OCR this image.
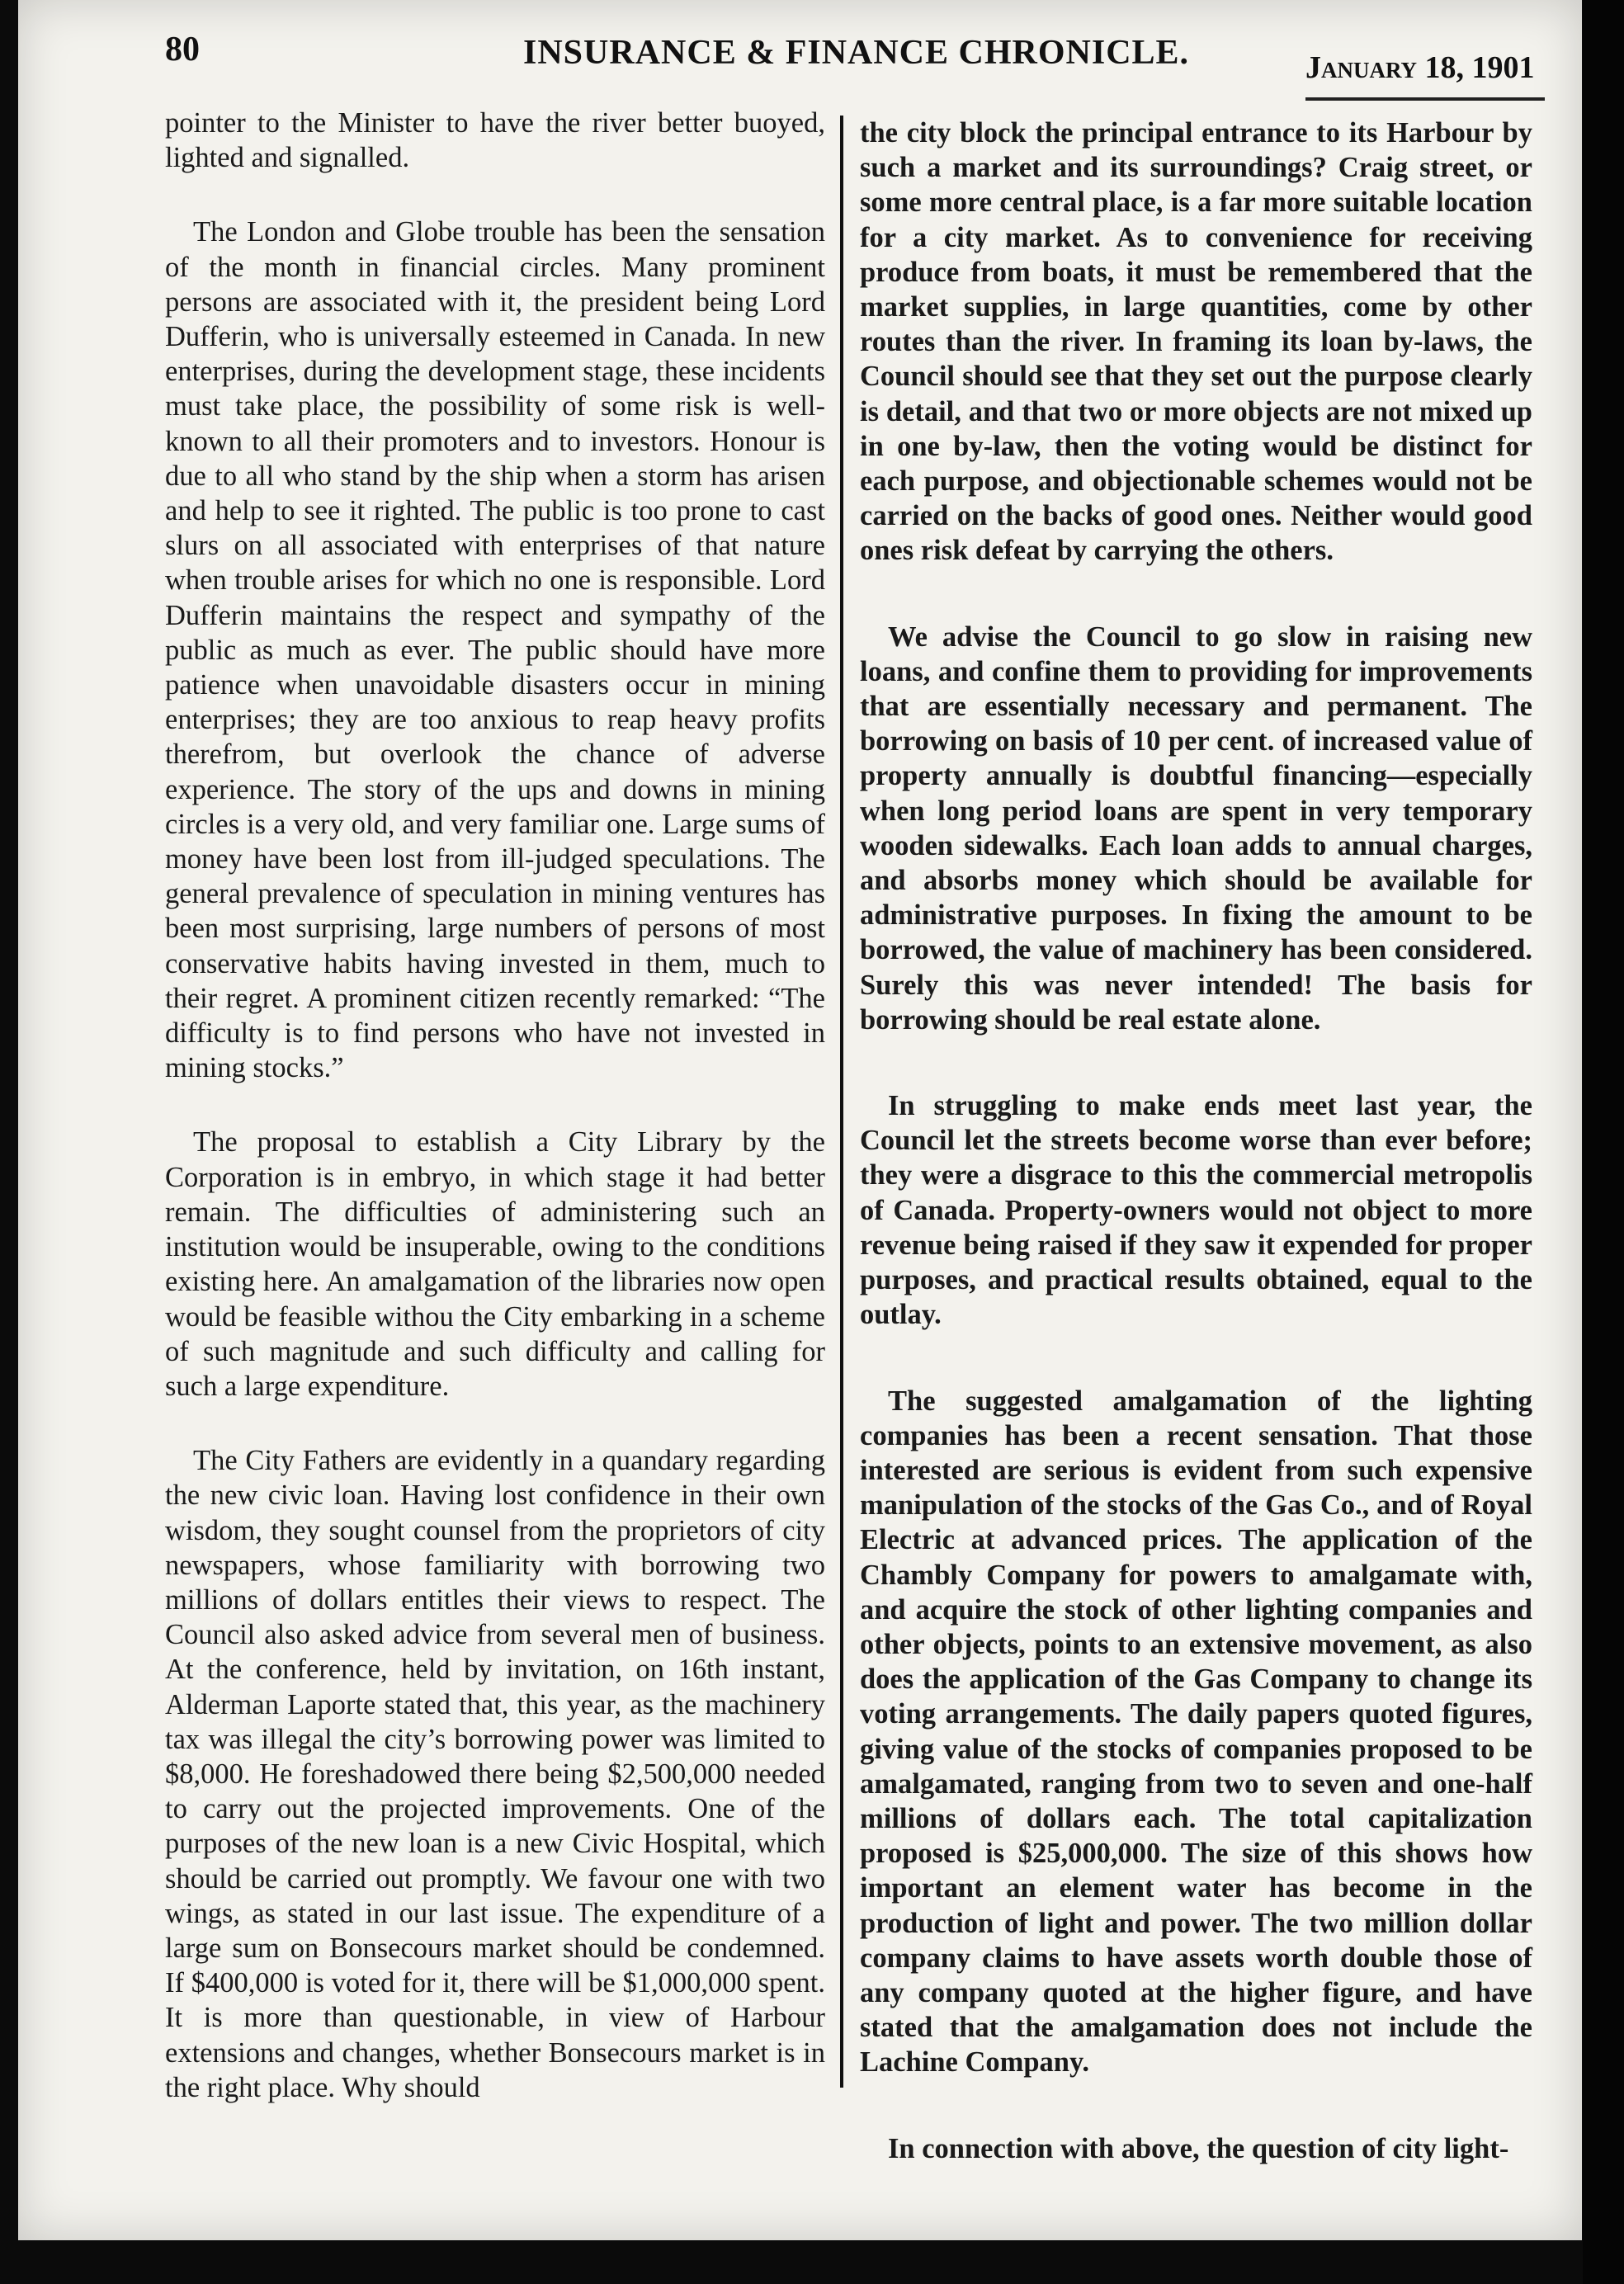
80	INSURANCE & FINANCE CHRONICLE.	January 18, 1901

pointer to the Minister to have the river better buoyed, lighted and signalled.

The London and Globe trouble has been the sensation of the month in financial circles. Many prominent persons are associated with it, the president being Lord Dufferin, who is universally esteemed in Canada. In new enterprises, during the development stage, these incidents must take place, the possibility of some risk is well-known to all their promoters and to investors. Honour is due to all who stand by the ship when a storm has arisen and help to see it righted. The public is too prone to cast slurs on all associated with enterprises of that nature when trouble arises for which no one is responsible. Lord Dufferin maintains the respect and sympathy of the public as much as ever. The public should have more patience when unavoidable disasters occur in mining enterprises; they are too anxious to reap heavy profits therefrom, but overlook the chance of adverse experience. The story of the ups and downs in mining circles is a very old, and very familiar one. Large sums of money have been lost from ill-judged speculations. The general prevalence of speculation in mining ventures has been most surprising, large numbers of persons of most conservative habits having invested in them, much to their regret. A prominent citizen recently remarked: “The difficulty is to find persons who have not invested in mining stocks.”

The proposal to establish a City Library by the Corporation is in embryo, in which stage it had better remain. The difficulties of administering such an institution would be insuperable, owing to the conditions existing here. An amalgamation of the libraries now open would be feasible withou the City embarking in a scheme of such magnitude and such difficulty and calling for such a large expenditure.

The City Fathers are evidently in a quandary regarding the new civic loan. Having lost confidence in their own wisdom, they sought counsel from the proprietors of city newspapers, whose familiarity with borrowing two millions of dollars entitles their views to respect. The Council also asked advice from several men of business. At the conference, held by invitation, on 16th instant, Alderman Laporte stated that, this year, as the machinery tax was illegal the city’s borrowing power was limited to $8,000. He foreshadowed there being $2,500,000 needed to carry out the projected improvements. One of the purposes of the new loan is a new Civic Hospital, which should be carried out promptly. We favour one with two wings, as stated in our last issue. The expenditure of a large sum on Bonsecours market should be condemned. If $400,000 is voted for it, there will be $1,000,000 spent. It is more than questionable, in view of Harbour extensions and changes, whether Bonsecours market is in the right place. Why should

the city block the principal entrance to its Harbour by such a market and its surroundings? Craig street, or some more central place, is a far more suitable location for a city market. As to convenience for receiving produce from boats, it must be remembered that the market supplies, in large quantities, come by other routes than the river. In framing its loan by-laws, the Council should see that they set out the purpose clearly is detail, and that two or more objects are not mixed up in one by-law, then the voting would be distinct for each purpose, and objectionable schemes would not be carried on the backs of good ones. Neither would good ones risk defeat by carrying the others.

We advise the Council to go slow in raising new loans, and confine them to providing for improvements that are essentially necessary and permanent. The borrowing on basis of 10 per cent. of increased value of property annually is doubtful financing—especially when long period loans are spent in very temporary wooden sidewalks. Each loan adds to annual charges, and absorbs money which should be available for administrative purposes. In fixing the amount to be borrowed, the value of machinery has been considered. Surely this was never intended! The basis for borrowing should be real estate alone.

In struggling to make ends meet last year, the Council let the streets become worse than ever before; they were a disgrace to this the commercial metropolis of Canada. Property-owners would not object to more revenue being raised if they saw it expended for proper purposes, and practical results obtained, equal to the outlay.

The suggested amalgamation of the lighting companies has been a recent sensation. That those interested are serious is evident from such expensive manipulation of the stocks of the Gas Co., and of Royal Electric at advanced prices. The application of the Chambly Company for powers to amalgamate with, and acquire the stock of other lighting companies and other objects, points to an extensive movement, as also does the application of the Gas Company to change its voting arrangements. The daily papers quoted figures, giving value of the stocks of companies proposed to be amalgamated, ranging from two to seven and one-half millions of dollars each. The total capitalization proposed is $25,000,000. The size of this shows how important an element water has become in the production of light and power. The two million dollar company claims to have assets worth double those of any company quoted at the higher figure, and have stated that the amalgamation does not include the Lachine Company.

In connection with above, the question of city light-
